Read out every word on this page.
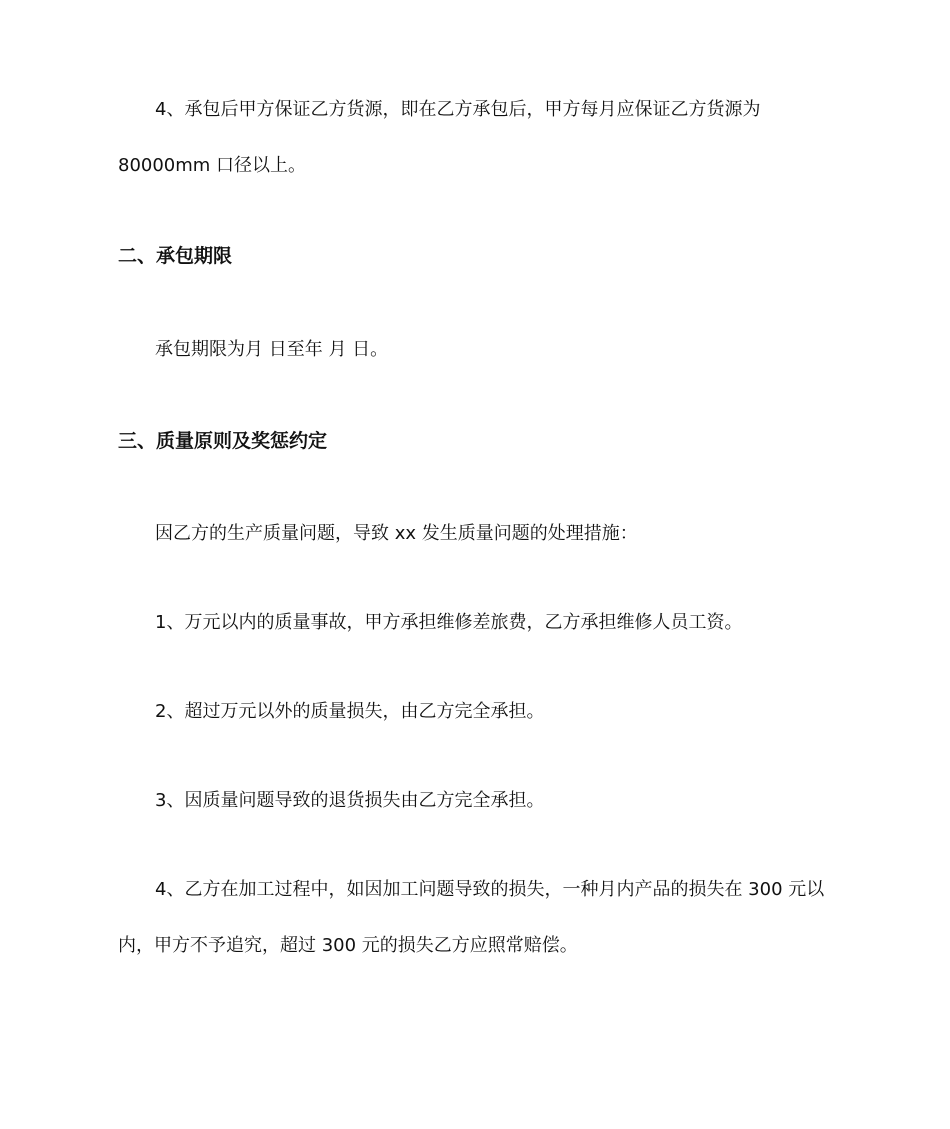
4、承包后甲方保证乙方货源，即在乙方承包后，甲方每月应保证乙方货源为
80000mm 口径以上。
二、承包期限
承包期限为月 日至年 月 日。
三、质量原则及奖惩约定
因乙方的生产质量问题，导致 xx 发生质量问题的处理措施：
1、万元以内的质量事故，甲方承担维修差旅费，乙方承担维修人员工资。
2、超过万元以外的质量损失，由乙方完全承担。
3、因质量问题导致的退货损失由乙方完全承担。
4、乙方在加工过程中，如因加工问题导致的损失，一种月内产品的损失在 300 元以
内，甲方不予追究，超过 300 元的损失乙方应照常赔偿。
